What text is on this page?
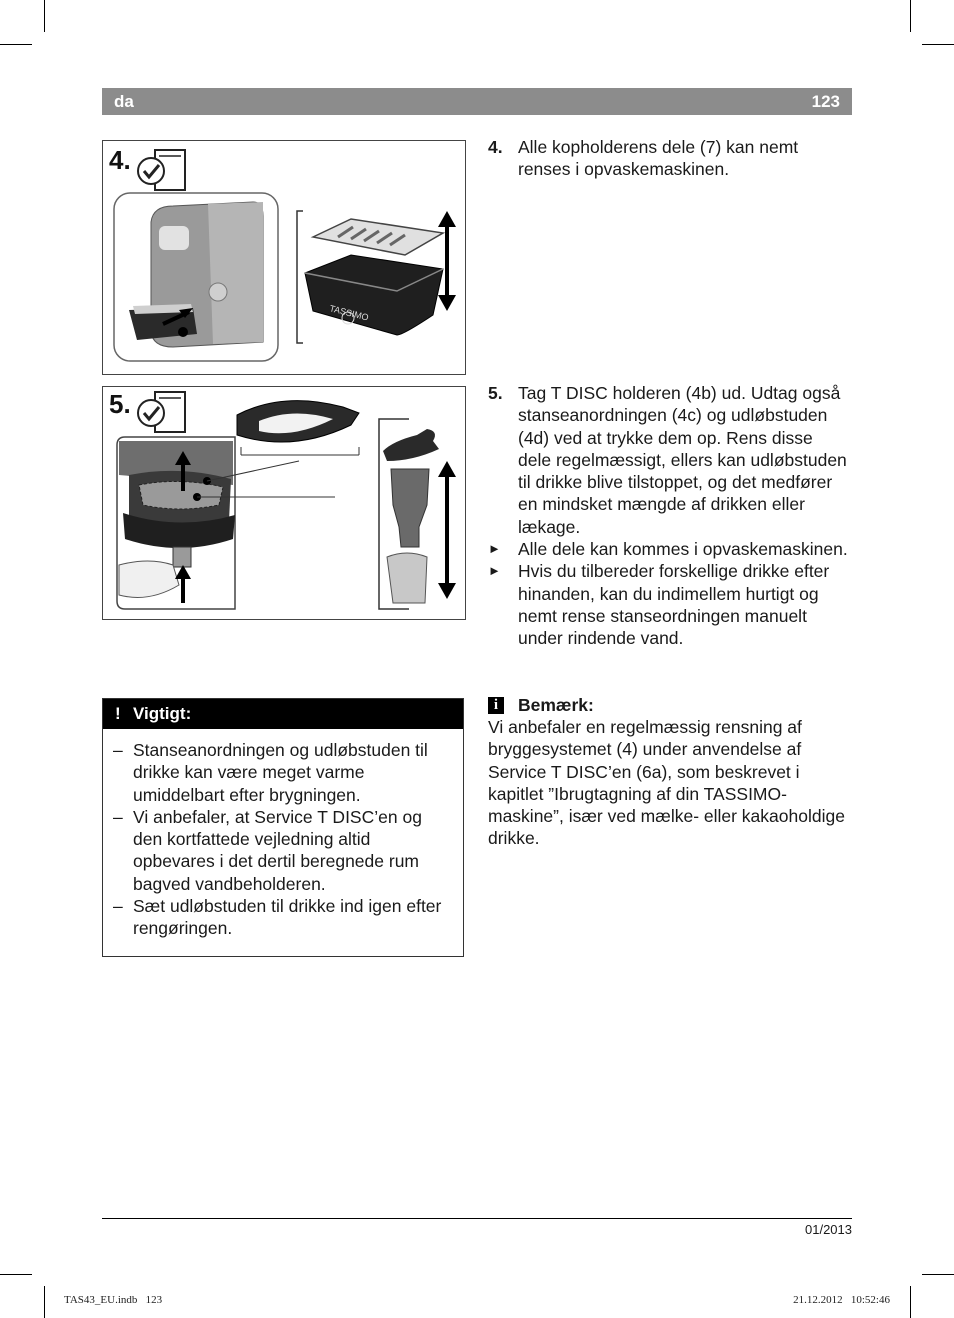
da	123
4.
TASSIMO
5.
4. Alle kopholderens dele (7) kan nemt renses i opvaskemaskinen.
5. Tag T DISC holderen (4b) ud. Udtag også stanseanordningen (4c) og udløbstuden (4d) ved at trykke dem op. Rens disse dele regelmæssigt, ellers kan udløbstuden til drikke blive tilstoppet, og det medfører en mindsket mængde af drikken eller lækage.
► Alle dele kan kommes i opvaskemaskinen.
► Hvis du tilbereder forskellige drikke efter hinanden, kan du indimellem hurtigt og nemt rense stanseordningen manuelt under rindende vand.
! Vigtigt:
– Stanseanordningen og udløbstuden til drikke kan være meget varme umiddelbart efter brygningen.
– Vi anbefaler, at Service T DISC’en og den kortfattede vejledning altid opbevares i det dertil beregnede rum bagved vandbeholderen.
– Sæt udløbstuden til drikke ind igen efter rengøringen.
i	Bemærk:
Vi anbefaler en regelmæssig rensning af bryggesystemet (4) under anvendelse af Service T DISC’en (6a), som beskrevet i kapitlet ”Ibrugtagning af din TASSIMO-maskine”, især ved mælke- eller kakaoholdige drikke.
01/2013
TAS43_EU.indb   123	21.12.2012   10:52:46
